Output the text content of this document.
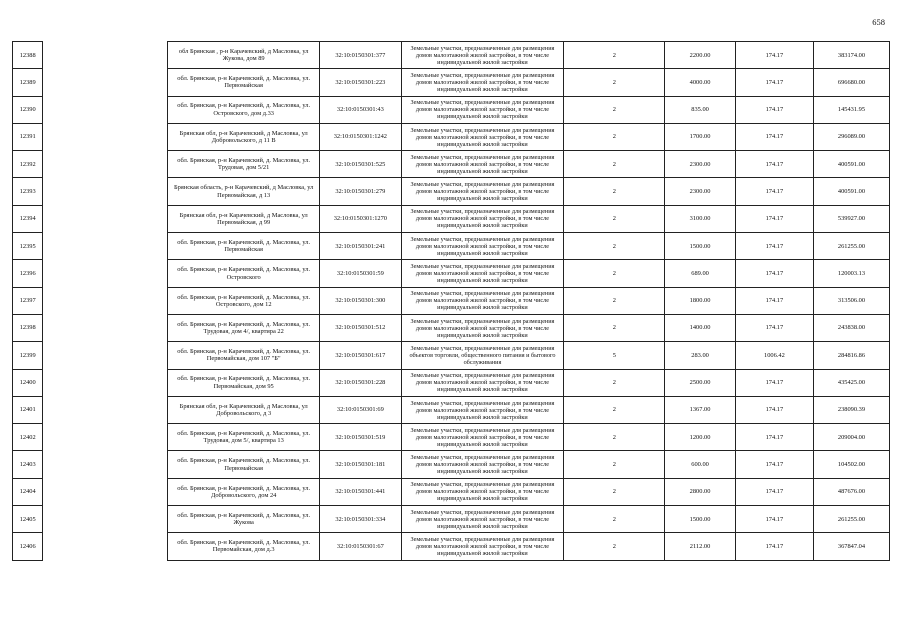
658
12388		обл Брянская , р-н Карачевский, д Масловка, ул Жукова, дом 89	32:10:0150301:377	Земельные участки, предназначенные для размещения домов малоэтажной жилой застройки, в том числе индивидуальной жилой застройки	2	2200.00	174.17	383174.00
12389		обл. Брянская, р-н Карачевский, д. Масловка, ул. Первомайская	32:10:0150301:223	Земельные участки, предназначенные для размещения домов малоэтажной жилой застройки, в том числе индивидуальной жилой застройки	2	4000.00	174.17	696680.00
12390		обл. Брянская, р-н Карачевский, д. Масловка, ул. Островского, дом д.33	32:10:0150301:43	Земельные участки, предназначенные для размещения домов малоэтажной жилой застройки, в том числе индивидуальной жилой застройки	2	835.00	174.17	145431.95
12391		Брянская обл, р-н Карачевский, д Масловка, ул Добровольского, д 11 В	32:10:0150301:1242	Земельные участки, предназначенные для размещения домов малоэтажной жилой застройки, в том числе индивидуальной жилой застройки	2	1700.00	174.17	296089.00
12392		обл. Брянская, р-н Карачевский, д. Масловка, ул. Трудовая, дом 5/21	32:10:0150301:525	Земельные участки, предназначенные для размещения домов малоэтажной жилой застройки, в том числе индивидуальной жилой застройки	2	2300.00	174.17	400591.00
12393		Брянская область, р-н Карачевский, д Масловка, ул Первомайская, д 13	32:10:0150301:279	Земельные участки, предназначенные для размещения домов малоэтажной жилой застройки, в том числе индивидуальной жилой застройки	2	2300.00	174.17	400591.00
12394		Брянская обл, р-н Карачевский, д Масловка, ул Первомайская, д 99	32:10:0150301:1270	Земельные участки, предназначенные для размещения домов малоэтажной жилой застройки, в том числе индивидуальной жилой застройки	2	3100.00	174.17	539927.00
12395		обл. Брянская, р-н Карачевский, д. Масловка, ул. Первомайская	32:10:0150301:241	Земельные участки, предназначенные для размещения домов малоэтажной жилой застройки, в том числе индивидуальной жилой застройки	2	1500.00	174.17	261255.00
12396		обл. Брянская, р-н Карачевский, д. Масловка, ул. Островского	32:10:0150301:59	Земельные участки, предназначенные для размещения домов малоэтажной жилой застройки, в том числе индивидуальной жилой застройки	2	689.00	174.17	120003.13
12397		обл. Брянская, р-н Карачевский, д. Масловка, ул. Островского, дом 12	32:10:0150301:300	Земельные участки, предназначенные для размещения домов малоэтажной жилой застройки, в том числе индивидуальной жилой застройки	2	1800.00	174.17	313506.00
12398		обл. Брянская, р-н Карачевский, д. Масловка, ул. Трудовая, дом 4/, квартира 22	32:10:0150301:512	Земельные участки, предназначенные для размещения домов малоэтажной жилой застройки, в том числе индивидуальной жилой застройки	2	1400.00	174.17	243838.00
12399		обл. Брянская, р-н Карачевский, д. Масловка, ул. Первомайская, дом 107 "Б"	32:10:0150301:617	Земельные участки, предназначенные для размещения объектов торговли, общественного питания и бытового обслуживания	5	283.00	1006.42	284816.86
12400		обл. Брянская, р-н Карачевский, д. Масловка, ул. Первомайская, дом 95	32:10:0150301:228	Земельные участки, предназначенные для размещения домов малоэтажной жилой застройки, в том числе индивидуальной жилой застройки	2	2500.00	174.17	435425.00
12401		Брянская обл, р-н Карачевский, д Масловка, ул Добровольского, д 3	32:10:0150301:69	Земельные участки, предназначенные для размещения домов малоэтажной жилой застройки, в том числе индивидуальной жилой застройки	2	1367.00	174.17	238090.39
12402		обл. Брянская, р-н Карачевский, д. Масловка, ул. Трудовая, дом 5/, квартира 13	32:10:0150301:519	Земельные участки, предназначенные для размещения домов малоэтажной жилой застройки, в том числе индивидуальной жилой застройки	2	1200.00	174.17	209004.00
12403		обл. Брянская, р-н Карачевский, д. Масловка, ул. Первомайская	32:10:0150301:181	Земельные участки, предназначенные для размещения домов малоэтажной жилой застройки, в том числе индивидуальной жилой застройки	2	600.00	174.17	104502.00
12404		обл. Брянская, р-н Карачевский, д. Масловка, ул. Добровольского, дом 24	32:10:0150301:441	Земельные участки, предназначенные для размещения домов малоэтажной жилой застройки, в том числе индивидуальной жилой застройки	2	2800.00	174.17	487676.00
12405		обл. Брянская, р-н Карачевский, д. Масловка, ул. Жукова	32:10:0150301:334	Земельные участки, предназначенные для размещения домов малоэтажной жилой застройки, в том числе индивидуальной жилой застройки	2	1500.00	174.17	261255.00
12406		обл. Брянская, р-н Карачевский, д. Масловка, ул. Первомайская, дом д.3	32:10:0150301:67	Земельные участки, предназначенные для размещения домов малоэтажной жилой застройки, в том числе индивидуальной жилой застройки	2	2112.00	174.17	367847.04
